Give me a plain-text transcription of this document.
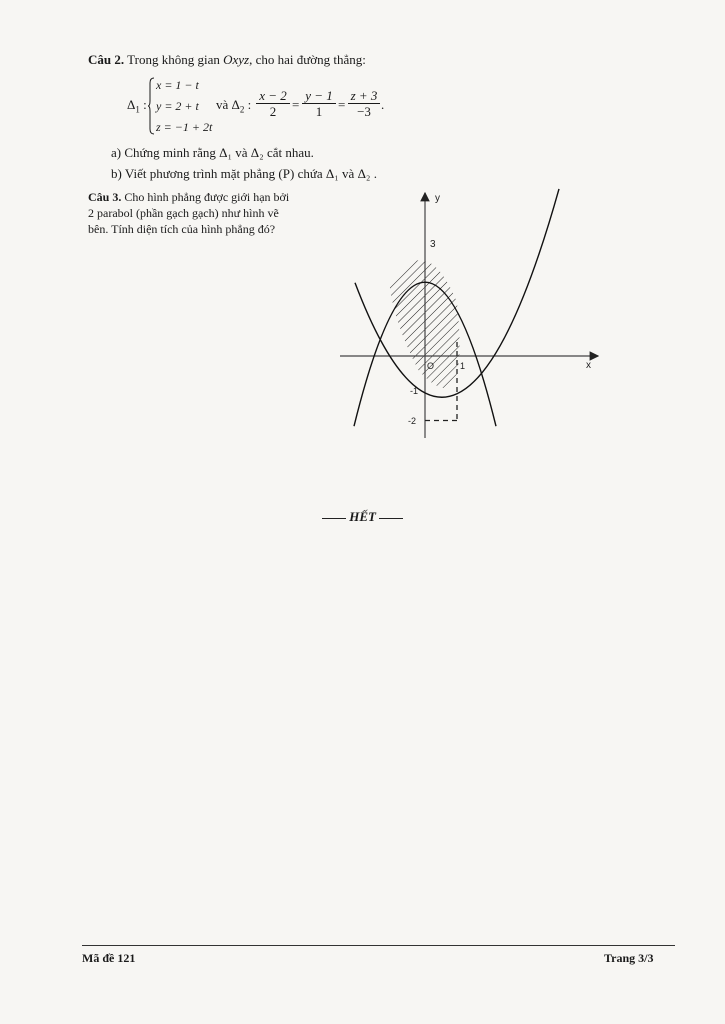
Câu 2. Trong không gian Oxyz, cho hai đường thẳng:
$\Delta_1$ :
x = 1 − t
y = 2 + t
z = −1 + 2t
và $\Delta_2$ : $\frac{x - 2}{2} = \frac{y - 1}{1} = \frac{z + 3}{-3}$ .
a) Chứng minh rằng Δ₁ và Δ₂ cắt nhau.
b) Viết phương trình mặt phẳng (P) chứa Δ₁ và Δ₂ .
Câu 3. Cho hình phẳng được giới hạn bởi
2 parabol (phần gạch gạch) như hình vẽ
bên. Tính diện tích của hình phẳng đó?
y
x
3
O	1
-1
-2
HẾT
Mã đề 121	Trang 3/3
